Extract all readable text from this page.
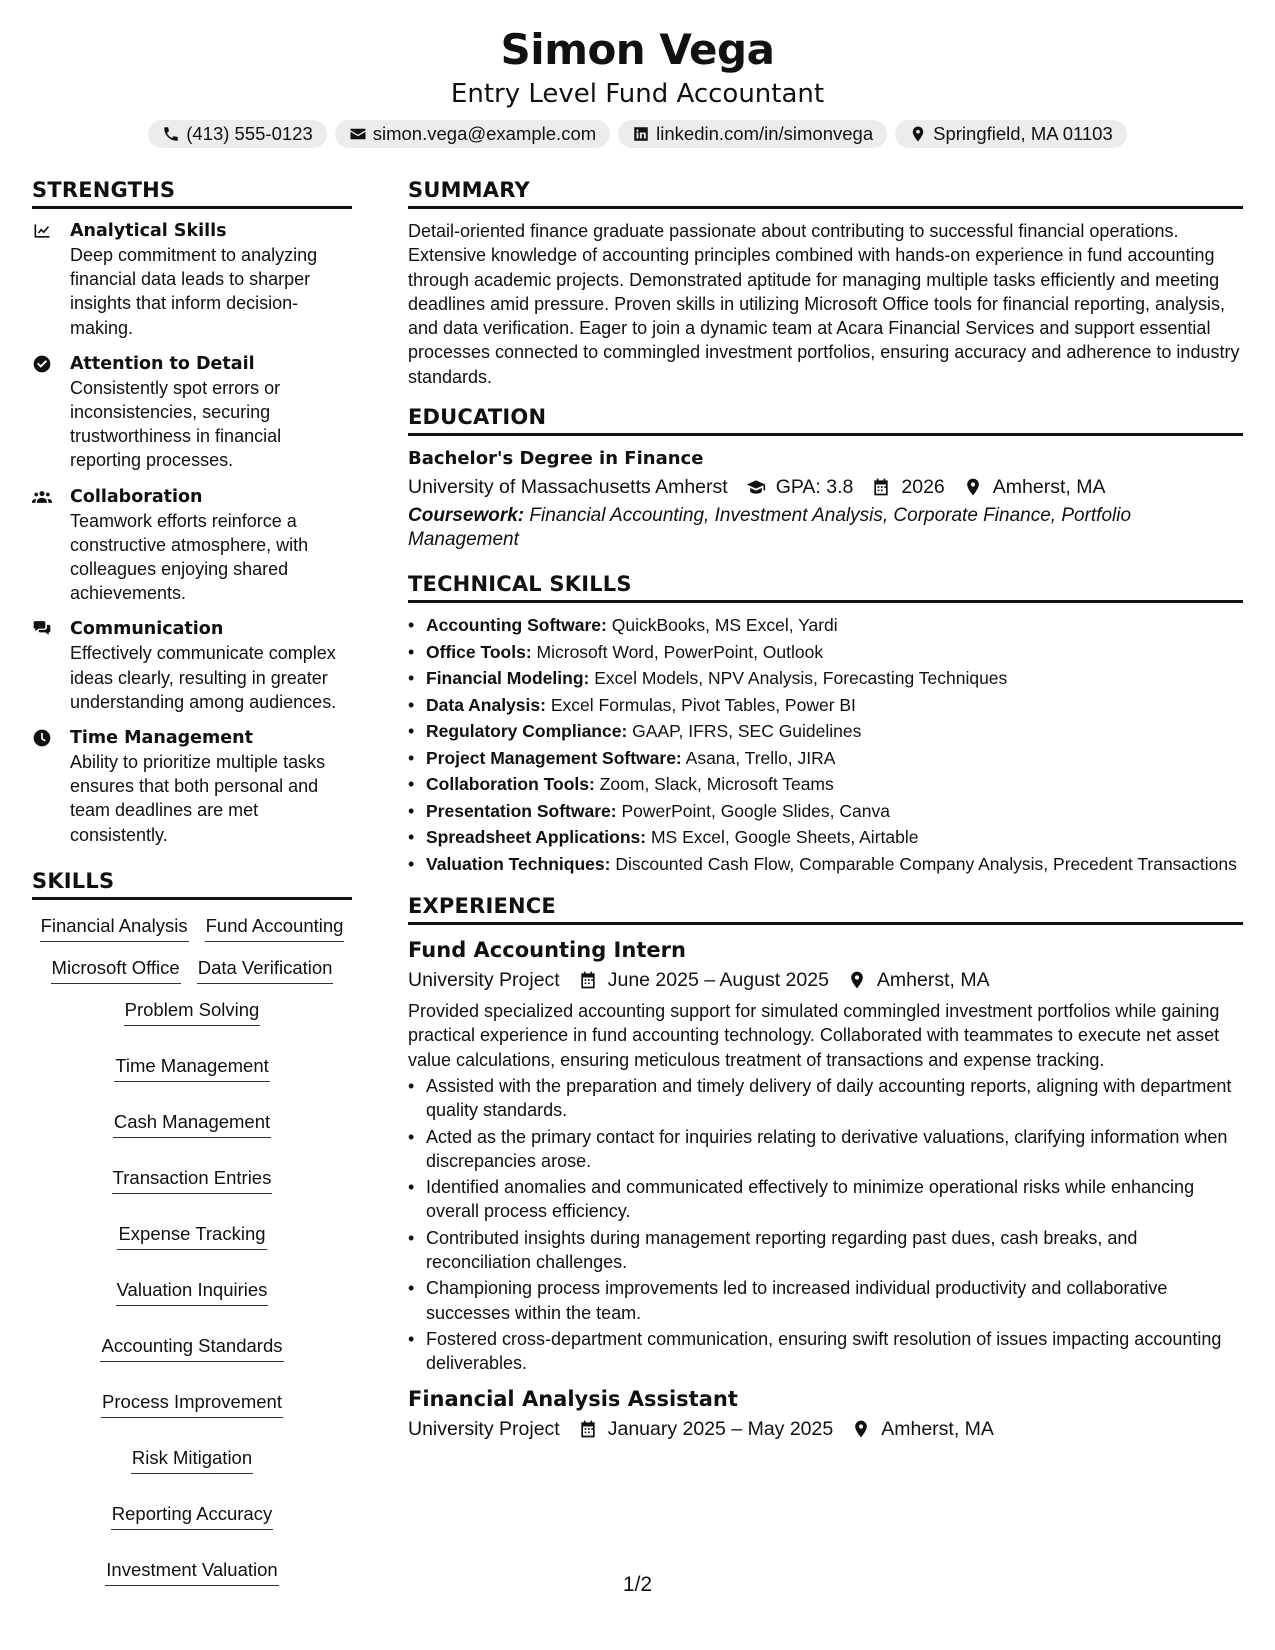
Simon Vega
Entry Level Fund Accountant
(413) 555-0123	simon.vega@example.com	linkedin.com/in/simonvega	Springfield, MA 01103
STRENGTHS
Analytical Skills

Deep commitment to analyzing financial data leads to sharper insights that inform decision-making.

Attention to Detail

Consistently spot errors or inconsistencies, securing trustworthiness in financial reporting processes.

Collaboration

Teamwork efforts reinforce a constructive atmosphere, with colleagues enjoying shared achievements.

Communication

Effectively communicate complex ideas clearly, resulting in greater understanding among audiences.

Time Management

Ability to prioritize multiple tasks ensures that both personal and team deadlines are met consistently.

SKILLS
Financial Analysis Fund Accounting
Microsoft Office Data Verification
Problem Solving
Time Management
Cash Management
Transaction Entries
Expense Tracking
Valuation Inquiries
Accounting Standards
Process Improvement
Risk Mitigation
Reporting Accuracy
Investment Valuation
SUMMARY

Detail-oriented finance graduate passionate about contributing to successful financial operations. Extensive knowledge of accounting principles combined with hands-on experience in fund accounting through academic projects. Demonstrated aptitude for managing multiple tasks efficiently and meeting deadlines amid pressure. Proven skills in utilizing Microsoft Office tools for financial reporting, analysis, and data verification. Eager to join a dynamic team at Acara Financial Services and support essential processes connected to commingled investment portfolios, ensuring accuracy and adherence to industry standards.

EDUCATION
Bachelor's Degree in Finance
University of Massachusetts Amherst GPA: 3.8 2026 Amherst, MA

Coursework: Financial Accounting, Investment Analysis, Corporate Finance, Portfolio Management

TECHNICAL SKILLS
• Accounting Software: QuickBooks, MS Excel, Yardi
• Office Tools: Microsoft Word, PowerPoint, Outlook
• Financial Modeling: Excel Models, NPV Analysis, Forecasting Techniques
• Data Analysis: Excel Formulas, Pivot Tables, Power BI
• Regulatory Compliance: GAAP, IFRS, SEC Guidelines
• Project Management Software: Asana, Trello, JIRA
• Collaboration Tools: Zoom, Slack, Microsoft Teams
• Presentation Software: PowerPoint, Google Slides, Canva
• Spreadsheet Applications: MS Excel, Google Sheets, Airtable
• Valuation Techniques: Discounted Cash Flow, Comparable Company Analysis, Precedent Transactions
EXPERIENCE
Fund Accounting Intern
University Project June 2025 – August 2025 Amherst, MA

Provided specialized accounting support for simulated commingled investment portfolios while gaining practical experience in fund accounting technology. Collaborated with teammates to execute net asset value calculations, ensuring meticulous treatment of transactions and expense tracking.

• Assisted with the preparation and timely delivery of daily accounting reports, aligning with department quality standards.
• Acted as the primary contact for inquiries relating to derivative valuations, clarifying information when discrepancies arose.
• Identified anomalies and communicated effectively to minimize operational risks while enhancing overall process efficiency.
• Contributed insights during management reporting regarding past dues, cash breaks, and reconciliation challenges.
• Championing process improvements led to increased individual productivity and collaborative successes within the team.
• Fostered cross-department communication, ensuring swift resolution of issues impacting accounting deliverables.
Financial Analysis Assistant
University Project January 2025 – May 2025 Amherst, MA
1/2
